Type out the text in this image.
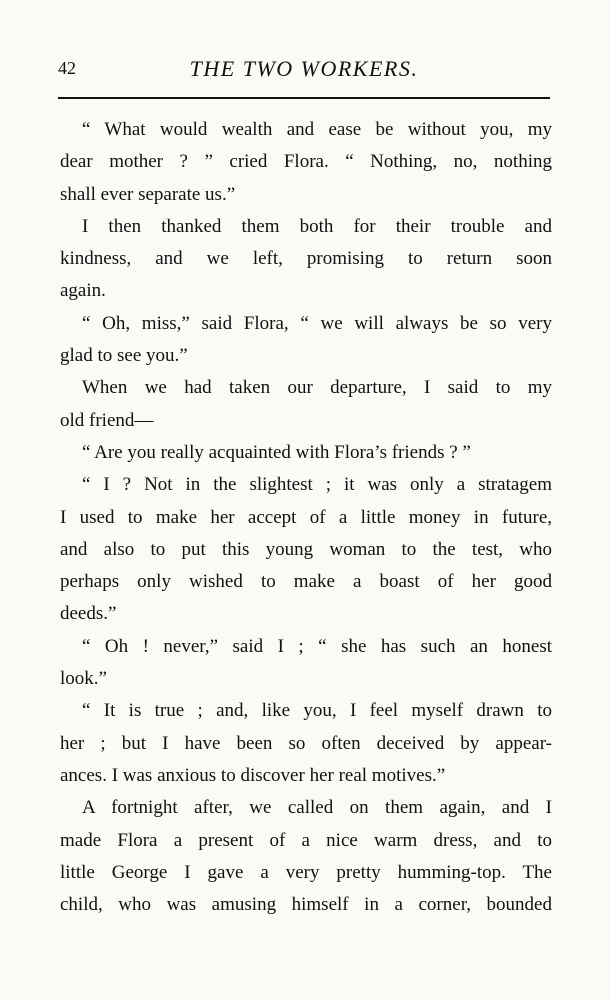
42	THE TWO WORKERS.
“ What would wealth and ease be without you, my
dear mother ? ” cried Flora. “ Nothing, no, nothing
shall ever separate us.”
I then thanked them both for their trouble and
kindness, and we left, promising to return soon
again.
“ Oh, miss,” said Flora, “ we will always be so very
glad to see you.”
When we had taken our departure, I said to my
old friend—
“ Are you really acquainted with Flora’s friends ? ”
“ I ? Not in the slightest ; it was only a stratagem
I used to make her accept of a little money in future,
and also to put this young woman to the test, who
perhaps only wished to make a boast of her good
deeds.”
“ Oh ! never,” said I ; “ she has such an honest
look.”
“ It is true ; and, like you, I feel myself drawn to
her ; but I have been so often deceived by appear-
ances. I was anxious to discover her real motives.”
A fortnight after, we called on them again, and I
made Flora a present of a nice warm dress, and to
little George I gave a very pretty humming-top. The
child, who was amusing himself in a corner, bounded
